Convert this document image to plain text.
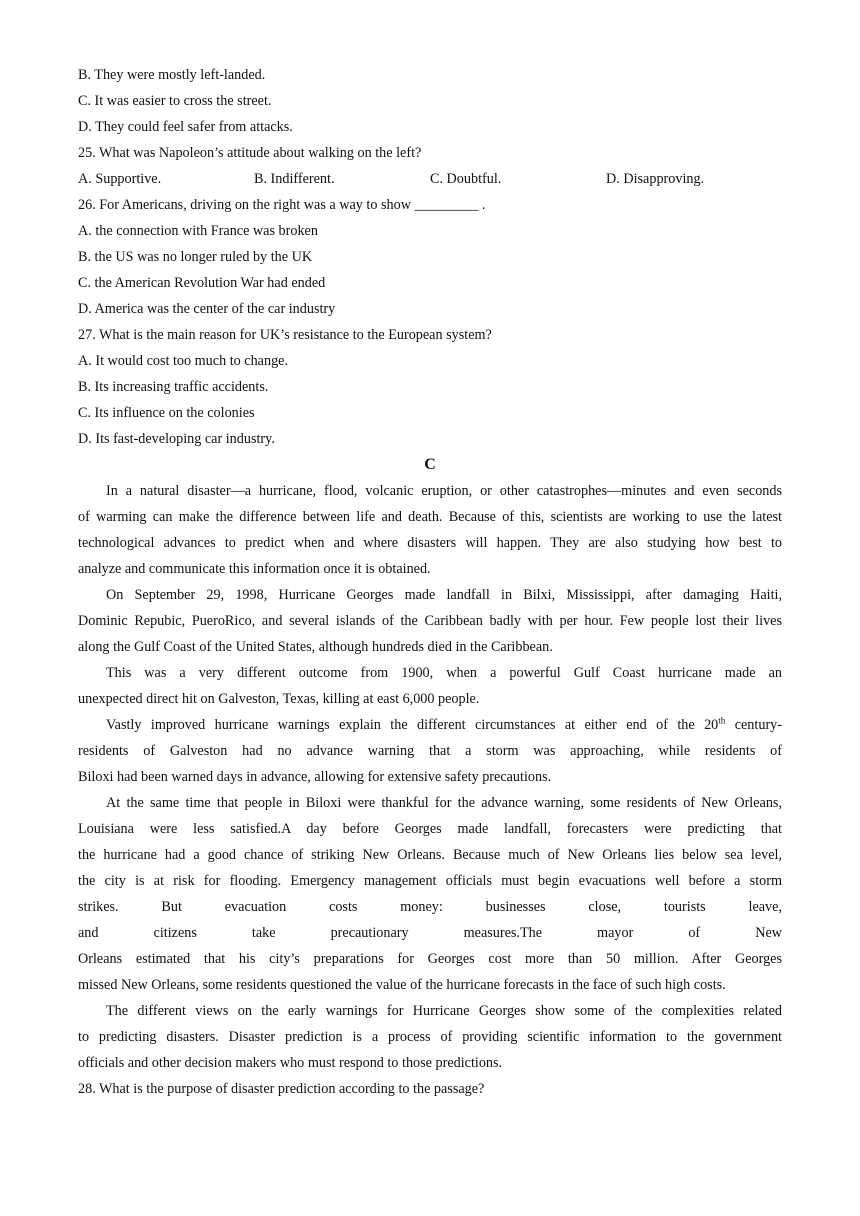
B. They were mostly left-landed.

C. It was easier to cross the street.

D. They could feel safer from attacks.

25. What was Napoleon’s attitude about walking on the left?

A. Supportive.	B. Indifferent.	C. Doubtful.	D. Disapproving.

26. For Americans, driving on the right was a way to show _________ .

A. the connection with France was broken

B. the US was no longer ruled by the UK

C. the American Revolution War had ended

D. America was the center of the car industry

27. What is the main reason for UK’s resistance to the European system?

A. It would cost too much to change.

B. Its increasing traffic accidents.

C. Its influence on the colonies

D. Its fast-developing car industry.

C

In a natural disaster—a hurricane, flood, volcanic eruption, or other catastrophes—minutes and even seconds
of warming can make the difference between life and death. Because of this, scientists are working to use the latest
technological advances to predict when and where disasters will happen. They are also studying how best to
analyze and communicate this information once it is obtained.
On September 29, 1998, Hurricane Georges made landfall in Bilxi, Mississippi, after damaging Haiti,
Dominic Repubic, PueroRico, and several islands of the Caribbean badly with per hour. Few people lost their lives
along the Gulf Coast of the United States, although hundreds died in the Caribbean.
This was a very different outcome from 1900, when a powerful Gulf Coast hurricane made an
unexpected direct hit on Galveston, Texas, killing at east 6,000 people.
Vastly improved hurricane warnings explain the different circumstances at either end of the 20th century-
residents of Galveston had no advance warning that a storm was approaching, while residents of
Biloxi had been warned days in advance, allowing for extensive safety precautions.
At the same time that people in Biloxi were thankful for the advance warning, some residents of New Orleans,
Louisiana were less satisfied.A day before Georges made landfall, forecasters were predicting that
the hurricane had a good chance of striking New Orleans. Because much of New Orleans lies below sea level,
the city is at risk for flooding. Emergency management officials must begin evacuations well before a storm
strikes. But evacuation costs money: businesses close, tourists leave,
and citizens take precautionary measures.The mayor of New
Orleans estimated that his city’s preparations for Georges cost more than 50 million. After Georges
missed New Orleans, some residents questioned the value of the hurricane forecasts in the face of such high costs.
The different views on the early warnings for Hurricane Georges show some of the complexities related
to predicting disasters. Disaster prediction is a process of providing scientific information to the government
officials and other decision makers who must respond to those predictions.

28. What is the purpose of disaster prediction according to the passage?
